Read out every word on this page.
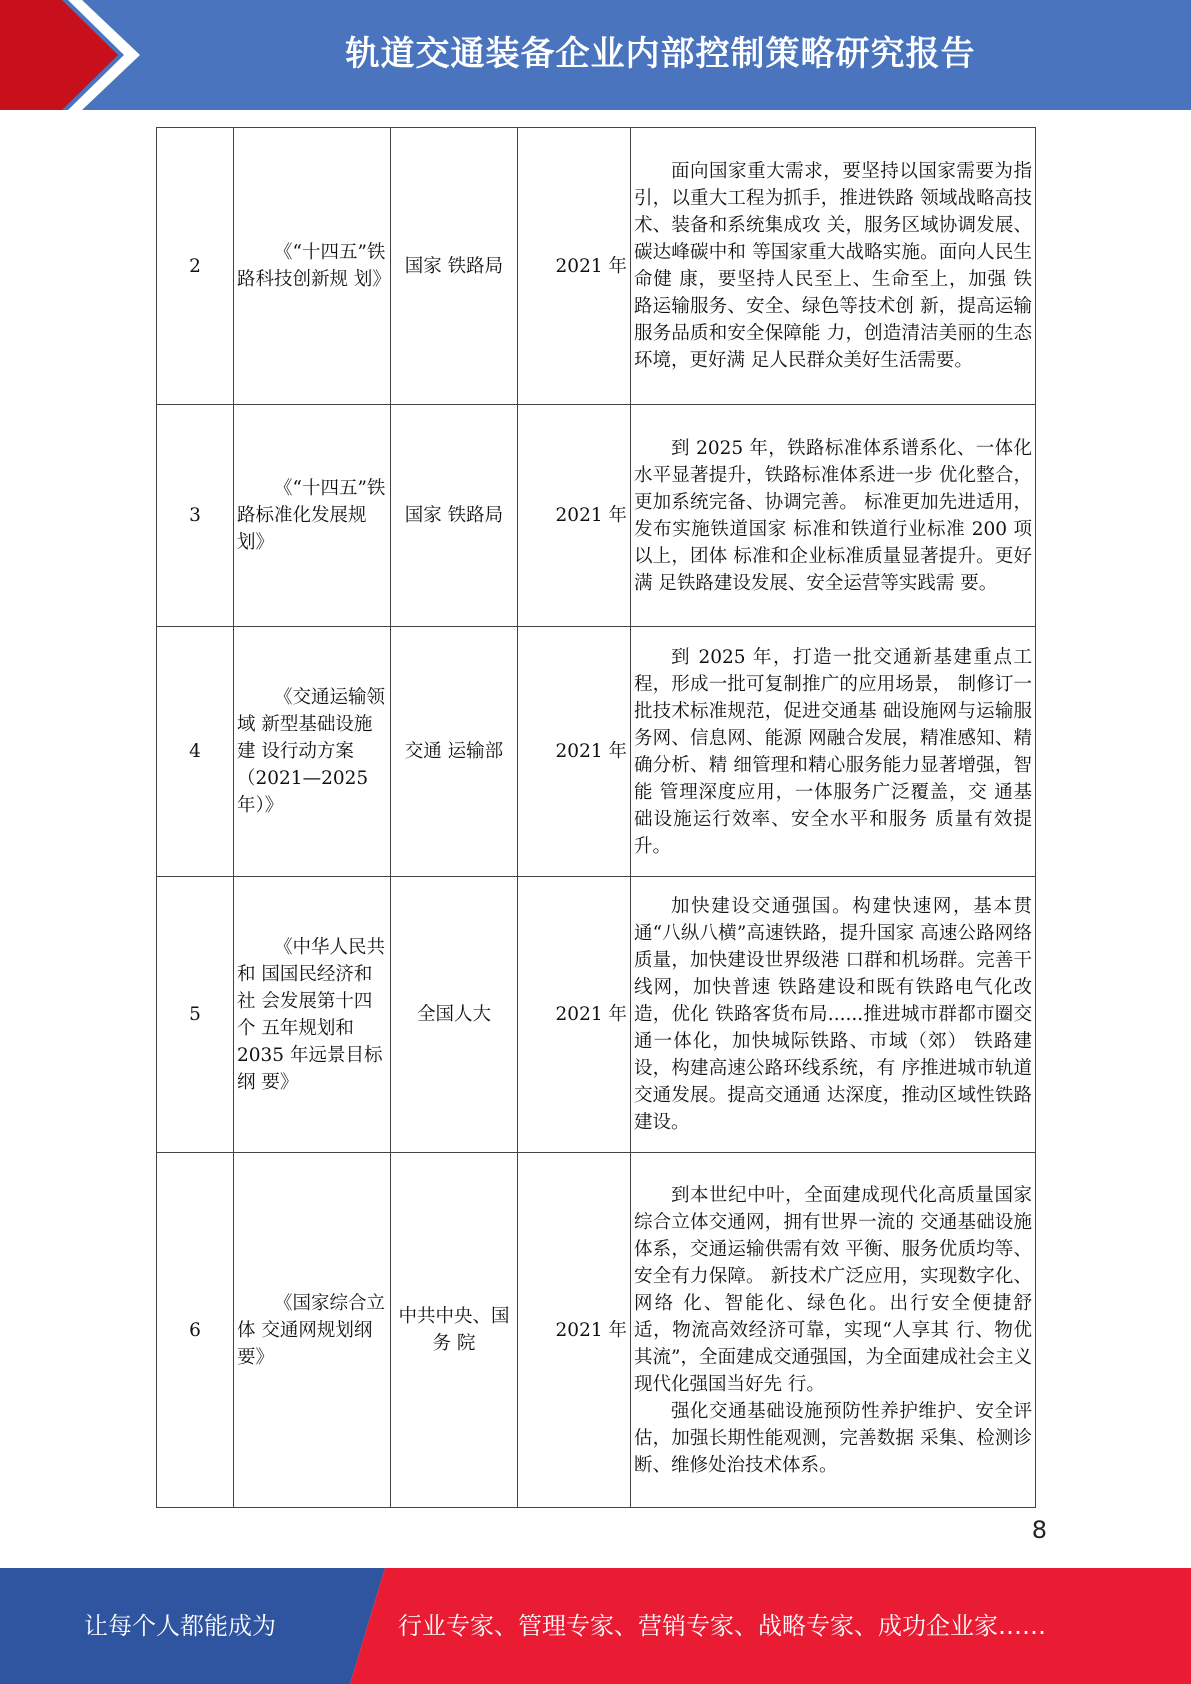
轨道交通装备企业内部控制策略研究报告
2	《“十四五”铁 路科技创新规 划》	国家 铁路局	2021 年	面向国家重大需求，要坚持以国家需要为指引，以重大工程为抓手，推进铁路 领域战略高技术、装备和系统集成攻 关，服务区域协调发展、碳达峰碳中和 等国家重大战略实施。面向人民生命健 康，要坚持人民至上、生命至上，加强 铁路运输服务、安全、绿色等技术创 新，提高运输服务品质和安全保障能 力，创造清洁美丽的生态环境，更好满 足人民群众美好生活需要。

3	《“十四五”铁 路标准化发展规 划》	国家 铁路局	2021 年	到 2025 年，铁路标准体系谱系化、一体化水平显著提升，铁路标准体系进一步 优化整合，更加系统完备、协调完善。 标准更加先进适用，发布实施铁道国家 标准和铁道行业标准 200 项以上，团体 标准和企业标准质量显著提升。更好满 足铁路建设发展、安全运营等实践需 要。

4	《交通运输领域 新型基础设施建 设行动方案（2021—2025 年）》	交通 运输部	2021 年	到 2025 年，打造一批交通新基建重点工程，形成一批可复制推广的应用场景， 制修订一批技术标准规范，促进交通基 础设施网与运输服务网、信息网、能源 网融合发展，精准感知、精确分析、精 细管理和精心服务能力显著增强，智能 管理深度应用，一体服务广泛覆盖，交 通基础设施运行效率、安全水平和服务 质量有效提升。

5	《中华人民共和 国国民经济和社 会发展第十四个 五年规划和 2035 年远景目标纲 要》	全国人大	2021 年	加快建设交通强国。构建快速网，基本贯通“八纵八横”高速铁路，提升国家 高速公路网络质量，加快建设世界级港 口群和机场群。完善干线网，加快普速 铁路建设和既有铁路电气化改造，优化 铁路客货布局......推进城市群都市圈交 通一体化，加快城际铁路、市域（郊） 铁路建设，构建高速公路环线系统，有 序推进城市轨道交通发展。提高交通通 达深度，推动区域性铁路建设。

6	《国家综合立体 交通网规划纲 要》	中共中央、国务 院	2021 年	到本世纪中叶，全面建成现代化高质量国家综合立体交通网，拥有世界一流的 交通基础设施体系，交通运输供需有效 平衡、服务优质均等、安全有力保障。 新技术广泛应用，实现数字化、网络 化、智能化、绿色化。出行安全便捷舒 适，物流高效经济可靠，实现“人享其 行、物优其流”，全面建成交通强国，为全面建成社会主义现代化强国当好先 行。

强化交通基础设施预防性养护维护、安全评估，加强长期性能观测，完善数据 采集、检测诊断、维修处治技术体系。

8
让每个人都能成为	行业专家、管理专家、营销专家、战略专家、成功企业家……
